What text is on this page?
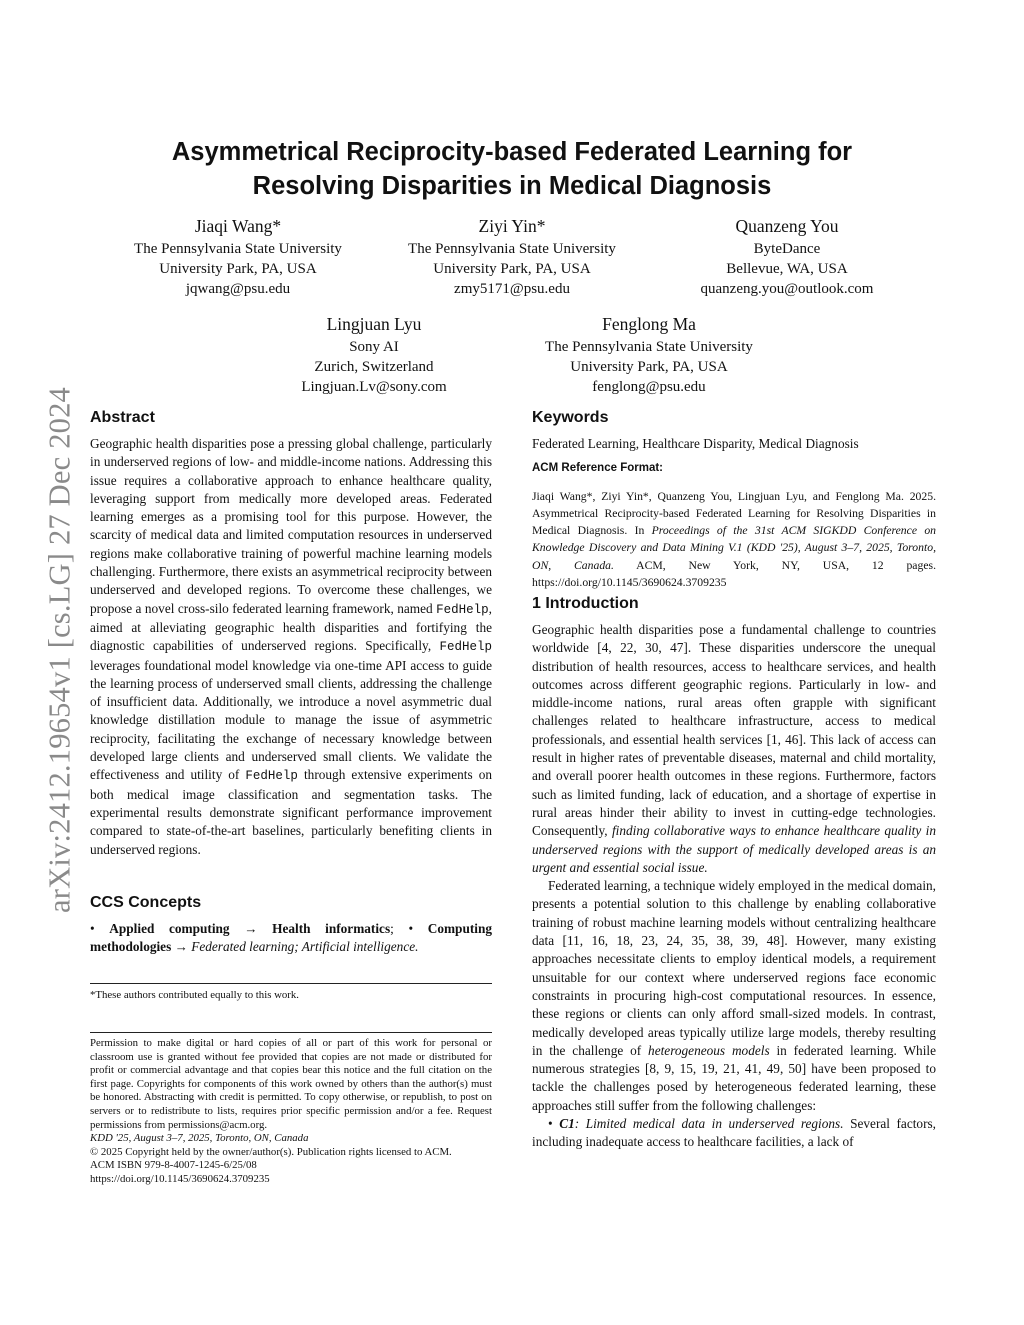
arXiv:2412.19654v1 [cs.LG] 27 Dec 2024
Asymmetrical Reciprocity-based Federated Learning for
Resolving Disparities in Medical Diagnosis
Jiaqi Wang*
The Pennsylvania State University
University Park, PA, USA
jqwang@psu.edu
Ziyi Yin*
The Pennsylvania State University
University Park, PA, USA
zmy5171@psu.edu
Quanzeng You
ByteDance
Bellevue, WA, USA
quanzeng.you@outlook.com
Lingjuan Lyu
Sony AI
Zurich, Switzerland
Lingjuan.Lv@sony.com
Fenglong Ma
The Pennsylvania State University
University Park, PA, USA
fenglong@psu.edu
Abstract

Geographic health disparities pose a pressing global challenge, particularly in underserved regions of low- and middle-income nations. Addressing this issue requires a collaborative approach to enhance healthcare quality, leveraging support from medically more developed areas. Federated learning emerges as a promising tool for this purpose. However, the scarcity of medical data and limited computation resources in underserved regions make collaborative training of powerful machine learning models challenging. Furthermore, there exists an asymmetrical reciprocity between underserved and developed regions. To overcome these challenges, we propose a novel cross-silo federated learning framework, named FedHelp, aimed at alleviating geographic health disparities and fortifying the diagnostic capabilities of underserved regions. Specifically, FedHelp leverages foundational model knowledge via one-time API access to guide the learning process of underserved small clients, addressing the challenge of insufficient data. Additionally, we introduce a novel asymmetric dual knowledge distillation module to manage the issue of asymmetric reciprocity, facilitating the exchange of necessary knowledge between developed large clients and underserved small clients. We validate the effectiveness and utility of FedHelp through extensive experiments on both medical image classification and segmentation tasks. The experimental results demonstrate significant performance improvement compared to state-of-the-art baselines, particularly benefiting clients in underserved regions.

CCS Concepts

• Applied computing → Health informatics; • Computing methodologies → Federated learning; Artificial intelligence.

*These authors contributed equally to this work.

Permission to make digital or hard copies of all or part of this work for personal or classroom use is granted without fee provided that copies are not made or distributed for profit or commercial advantage and that copies bear this notice and the full citation on the first page. Copyrights for components of this work owned by others than the author(s) must be honored. Abstracting with credit is permitted. To copy otherwise, or republish, to post on servers or to redistribute to lists, requires prior specific permission and/or a fee. Request permissions from permissions@acm.org.

KDD '25, August 3–7, 2025, Toronto, ON, Canada
© 2025 Copyright held by the owner/author(s). Publication rights licensed to ACM.
ACM ISBN 979-8-4007-1245-6/25/08
https://doi.org/10.1145/3690624.3709235
Keywords

Federated Learning, Healthcare Disparity, Medical Diagnosis

ACM Reference Format:

Jiaqi Wang*, Ziyi Yin*, Quanzeng You, Lingjuan Lyu, and Fenglong Ma. 2025. Asymmetrical Reciprocity-based Federated Learning for Resolving Disparities in Medical Diagnosis. In Proceedings of the 31st ACM SIGKDD Conference on Knowledge Discovery and Data Mining V.1 (KDD '25), August 3–7, 2025, Toronto, ON, Canada. ACM, New York, NY, USA, 12 pages. https://doi.org/10.1145/3690624.3709235

1 Introduction

Geographic health disparities pose a fundamental challenge to countries worldwide [4, 22, 30, 47]. These disparities underscore the unequal distribution of health resources, access to healthcare services, and health outcomes across different geographic regions. Particularly in low- and middle-income nations, rural areas often grapple with significant challenges related to healthcare infrastructure, access to medical professionals, and essential health services [1, 46]. This lack of access can result in higher rates of preventable diseases, maternal and child mortality, and overall poorer health outcomes in these regions. Furthermore, factors such as limited funding, lack of education, and a shortage of expertise in rural areas hinder their ability to invest in cutting-edge technologies. Consequently, finding collaborative ways to enhance healthcare quality in underserved regions with the support of medically developed areas is an urgent and essential social issue.

Federated learning, a technique widely employed in the medical domain, presents a potential solution to this challenge by enabling collaborative training of robust machine learning models without centralizing healthcare data [11, 16, 18, 23, 24, 35, 38, 39, 48]. However, many existing approaches necessitate clients to employ identical models, a requirement unsuitable for our context where underserved regions face economic constraints in procuring high-cost computational resources. In essence, these regions or clients can only afford small-sized models. In contrast, medically developed areas typically utilize large models, thereby resulting in the challenge of heterogeneous models in federated learning. While numerous strategies [8, 9, 15, 19, 21, 41, 49, 50] have been proposed to tackle the challenges posed by heterogeneous federated learning, these approaches still suffer from the following challenges:

• C1: Limited medical data in underserved regions. Several factors, including inadequate access to healthcare facilities, a lack of
